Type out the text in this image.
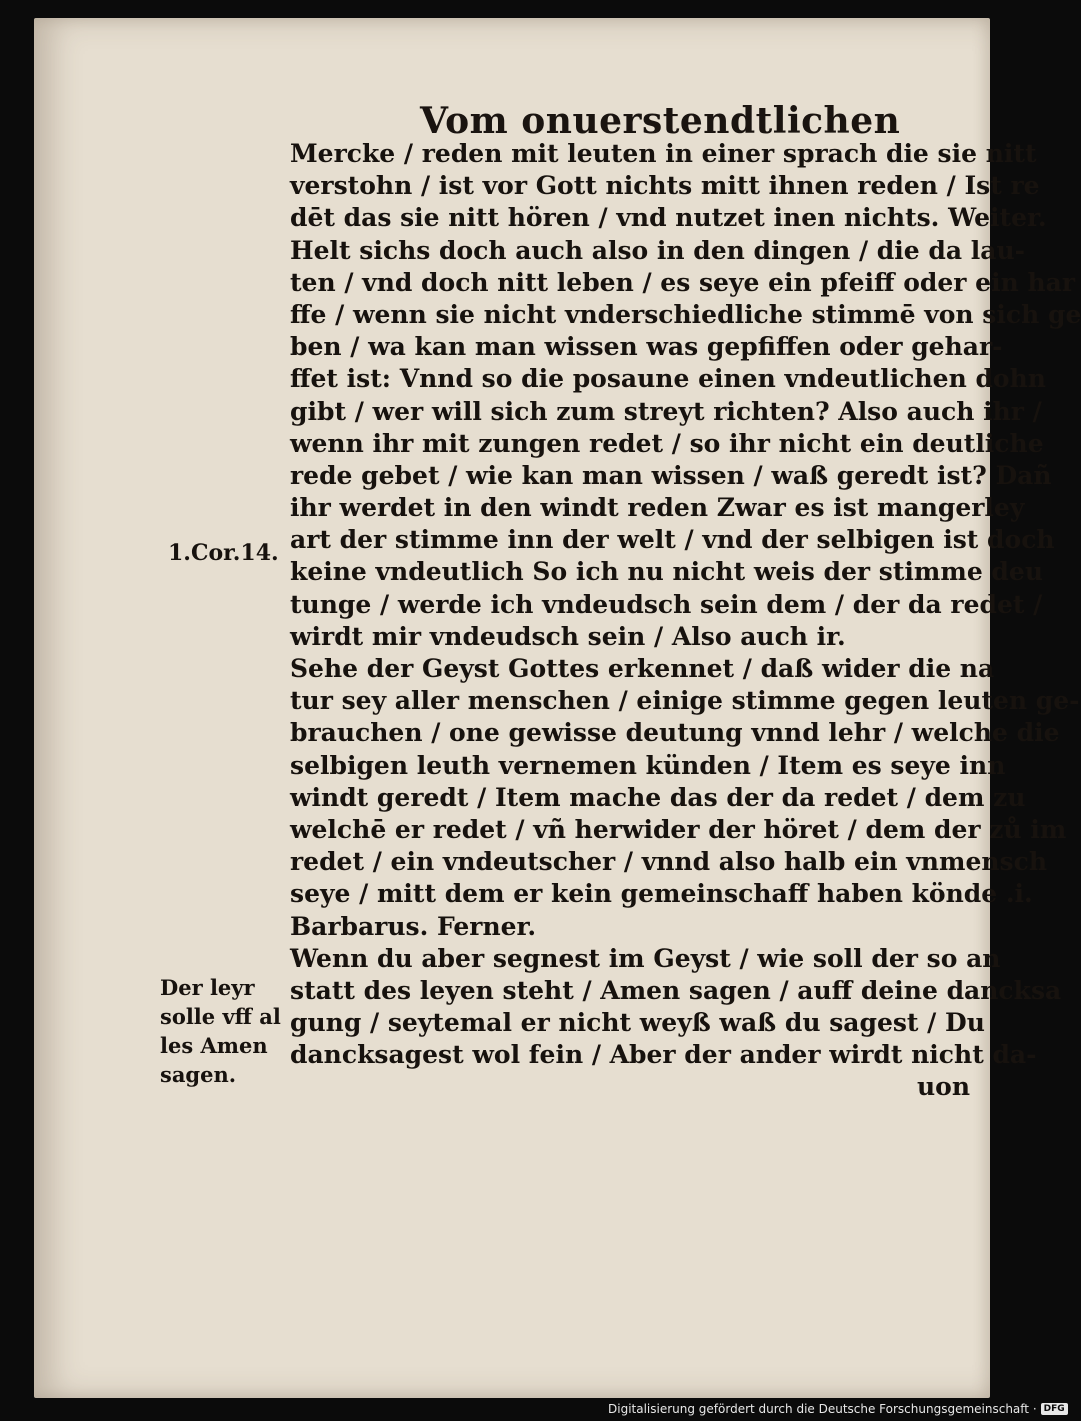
Vom onuerstendtlichen
Mercke / reden mit leuten in einer sprach die sie nitt
verstohn / ist vor Gott nichts mitt ihnen reden / Ist re
dēt das sie nitt hören / vnd nutzet inen nichts. Weiter.
Helt sichs doch auch also in den dingen / die da lau-
ten / vnd doch nitt leben / es seye ein pfeiff oder ein har
ffe / wenn sie nicht vnderschiedliche stimmē von sich ge
ben / wa kan man wissen was gepfiffen oder gehar-
ffet ist: Vnnd so die posaune einen vndeutlichen dohn
gibt / wer will sich zum streyt richten? Also auch ihr /
wenn ihr mit zungen redet / so ihr nicht ein deutliche
rede gebet / wie kan man wissen / waß geredt ist? Dañ
ihr werdet in den windt reden Zwar es ist mangerley
art der stimme inn der welt / vnd der selbigen ist doch
keine vndeutlich So ich nu nicht weis der stimme deu
tunge / werde ich vndeudsch sein dem / der da redet /
wirdt mir vndeudsch sein / Also auch ir.
Sehe der Geyst Gottes erkennet / daß wider die na
tur sey aller menschen / einige stimme gegen leuten ge-
brauchen / one gewisse deutung vnnd lehr / welche die
selbigen leuth vernemen künden / Item es seye inn
windt geredt / Item mache das der da redet / dem zu
welchē er redet / vñ herwider der höret / dem der zů im
redet / ein vndeutscher / vnnd also halb ein vnmensch
seye / mitt dem er kein gemeinschaff haben könde .i.
Barbarus. Ferner.
Wenn du aber segnest im Geyst / wie soll der so an
statt des leyen steht / Amen sagen / auff deine dancksa
gung / seytemal er nicht weyß waß du sagest / Du
dancksagest wol fein / Aber der ander wirdt nicht da-
uon
1.Cor.14.
Der leyr
solle vff al
les Amen
sagen.
Digitalisierung gefördert durch die Deutsche Forschungsgemeinschaft · DFG
